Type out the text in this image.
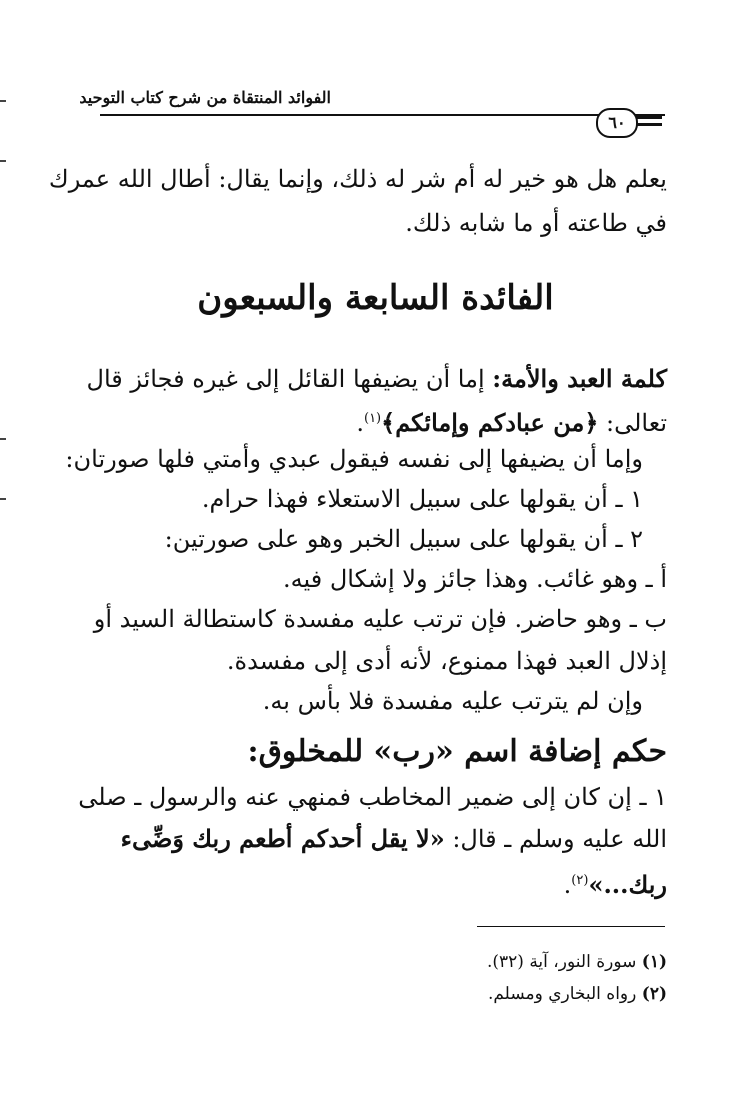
الفوائد المنتقاة من شرح كتاب التوحيد
٦٠
يعلم هل هو خير له أم شر له ذلك، وإنما يقال: أطال الله عمرك
في طاعته أو ما شابه ذلك.
الفائدة السابعة والسبعون
كلمة العبد والأمة: إما أن يضيفها القائل إلى غيره فجائز قال
تعالى: ﴿من عبادكم وإمائكم﴾$^{(١)}$.
وإما أن يضيفها إلى نفسه فيقول عبدي وأمتي فلها صورتان:
١ ـ أن يقولها على سبيل الاستعلاء فهذا حرام.
٢ ـ أن يقولها على سبيل الخبر وهو على صورتين:
أ ـ وهو غائب. وهذا جائز ولا إشكال فيه.
ب ـ وهو حاضر. فإن ترتب عليه مفسدة كاستطالة السيد أو
إذلال العبد فهذا ممنوع، لأنه أدى إلى مفسدة.
وإن لم يترتب عليه مفسدة فلا بأس به.
حكم إضافة اسم «رب» للمخلوق:
١ ـ إن كان إلى ضمير المخاطب فمنهي عنه والرسول ـ صلى
الله عليه وسلم ـ قال: «لا يقل أحدكم أطعم ربك وَضِّىء
ربك...»$^{(٢)}$.
(١) سورة النور، آية (٣٢).
(٢) رواه البخاري ومسلم.
